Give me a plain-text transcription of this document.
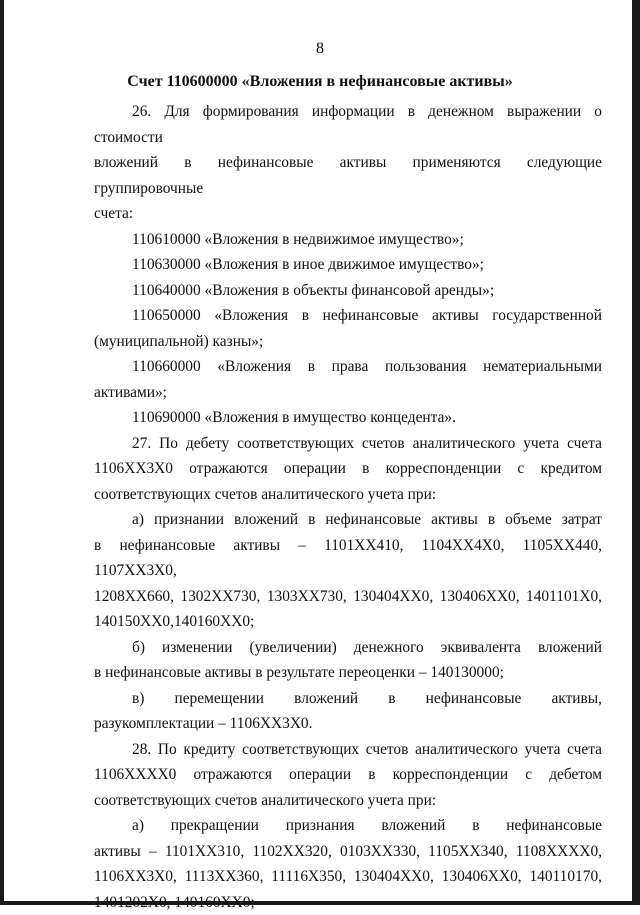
8
Счет 110600000 «Вложения в нефинансовые активы»

26. Для формирования информации в денежном выражении о стоимости

вложений в нефинансовые активы применяются следующие группировочные

счета:

110610000 «Вложения в недвижимое имущество»;

110630000 «Вложения в иное движимое имущество»;

110640000 «Вложения в объекты финансовой аренды»;

110650000 «Вложения в нефинансовые активы государственной

(муниципальной) казны»;

110660000 «Вложения в права пользования нематериальными активами»;

110690000 «Вложения в имущество концедента».

27. По дебету соответствующих счетов аналитического учета счета

1106XX3X0 отражаются операции в корреспонденции с кредитом

соответствующих счетов аналитического учета при:

а) признании вложений в нефинансовые активы в объеме затрат

в нефинансовые активы – 1101XX410, 1104XX4X0, 1105XX440, 1107XX3X0,

1208XX660, 1302XX730, 1303XX730, 130404XX0, 130406XX0, 1401101X0,

140150XX0,140160XX0;

б) изменении (увеличении) денежного эквивалента вложений

в нефинансовые активы в результате переоценки – 140130000;

в) перемещении вложений в нефинансовые активы,

разукомплектации – 1106XX3X0.

28. По кредиту соответствующих счетов аналитического учета счета

1106XXXX0 отражаются операции в корреспонденции с дебетом

соответствующих счетов аналитического учета при:

а) прекращении признания вложений в нефинансовые

активы – 1101XX310, 1102XX320, 0103XX330, 1105XX340, 1108XXXX0,

1106XX3X0, 1113XX360, 11116X350, 130404XX0, 130406XX0, 140110170,

1401202X0, 140160XX0;
